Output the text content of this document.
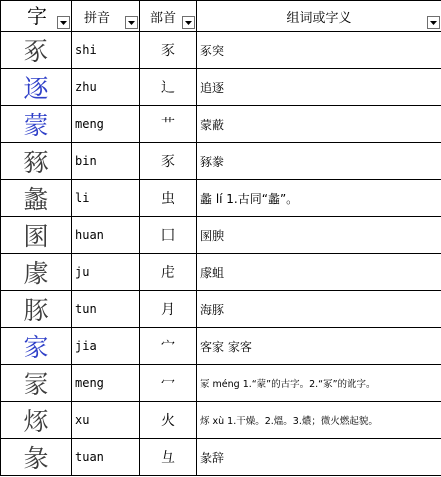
字	拼音	部首	组词或字义

豖	shi	豕	豖突
逐	zhu	辶	追逐
蒙	meng	艹	蒙蔽
豩	bin	豕	豩豢
蠡	li	虫	蠡 lí 1.古同“蠡”。
圂	huan	囗	圂腴
豦	ju	虍	豦蛆
豚	tun	月	海豚
家	jia	宀	客家 家客
冡	meng	冖	冡 méng 1.“蒙”的古字。2.“冢”的讹字。
烼	xu	火	烼 xù 1.干燥。2.熅。3.燶；微火燃起貌。
彖	tuan	彑	彖辞
